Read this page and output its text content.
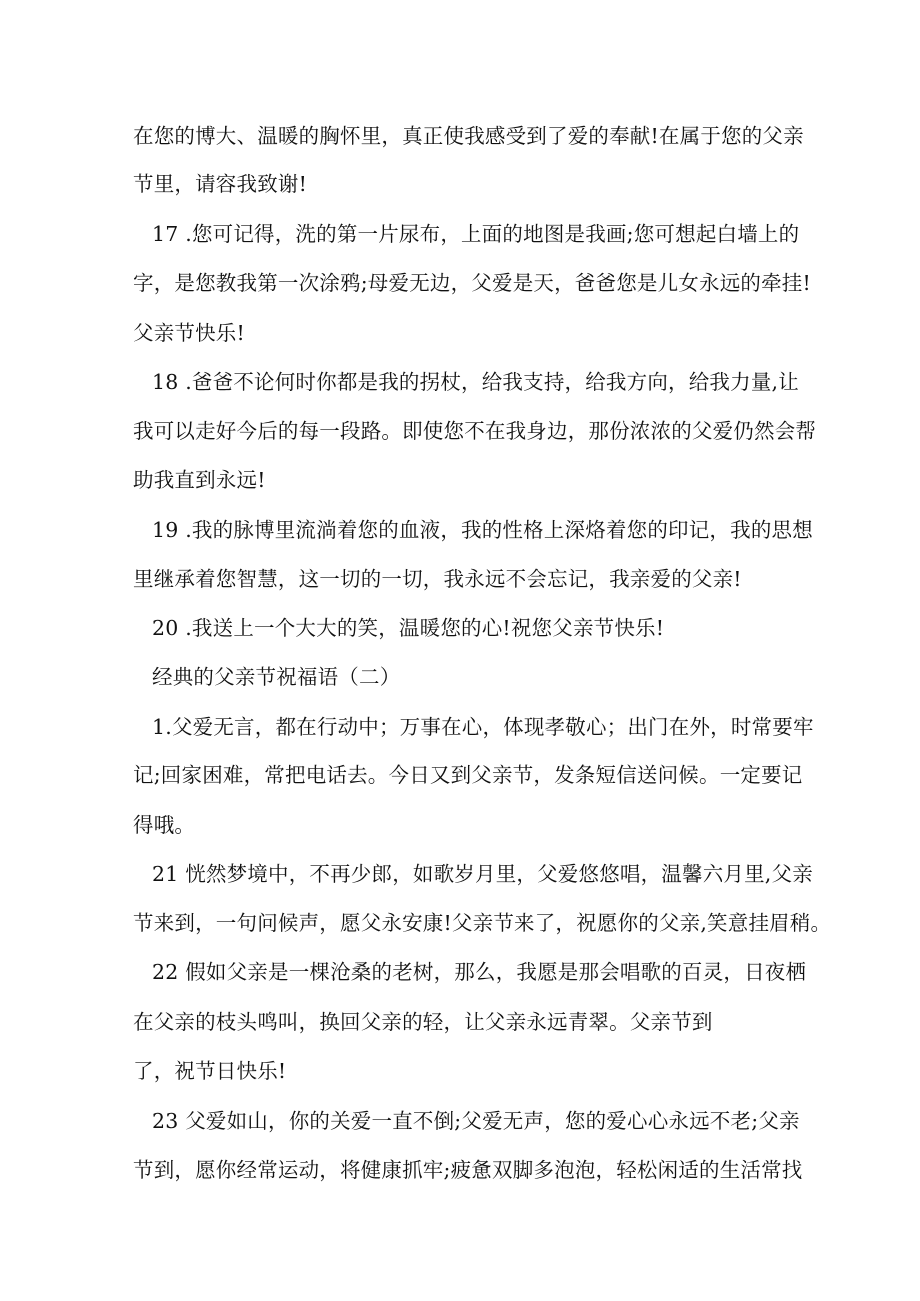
在您的博大、温暖的胸怀里，真正使我感受到了爱的奉献!在属于您的父亲
节里，请容我致谢!
17 .您可记得，洗的第一片尿布，上面的地图是我画;您可想起白墙上的
字，是您教我第一次涂鸦;母爱无边，父爱是天，爸爸您是儿女永远的牵挂!
父亲节快乐!
18 .爸爸不论何时你都是我的拐杖，给我支持，给我方向，给我力量,让
我可以走好今后的每一段路。即使您不在我身边，那份浓浓的父爱仍然会帮
助我直到永远!
19 .我的脉博里流淌着您的血液，我的性格上深烙着您的印记，我的思想
里继承着您智慧，这一切的一切，我永远不会忘记，我亲爱的父亲!
20 .我送上一个大大的笑，温暖您的心!祝您父亲节快乐!
经典的父亲节祝福语（二）
1.父爱无言，都在行动中；万事在心，体现孝敬心；出门在外，时常要牢
记;回家困难，常把电话去。今日又到父亲节，发条短信送问候。一定要记
得哦。
21 恍然梦境中，不再少郎，如歌岁月里，父爱悠悠唱，温馨六月里,父亲
节来到，一句问候声，愿父永安康!父亲节来了，祝愿你的父亲,笑意挂眉稍。
22 假如父亲是一棵沧桑的老树，那么，我愿是那会唱歌的百灵，日夜栖
在父亲的枝头鸣叫，换回父亲的轻，让父亲永远青翠。父亲节到
了，祝节日快乐!
23 父爱如山，你的关爱一直不倒;父爱无声，您的爱心心永远不老;父亲
节到，愿你经常运动，将健康抓牢;疲惫双脚多泡泡，轻松闲适的生活常找
